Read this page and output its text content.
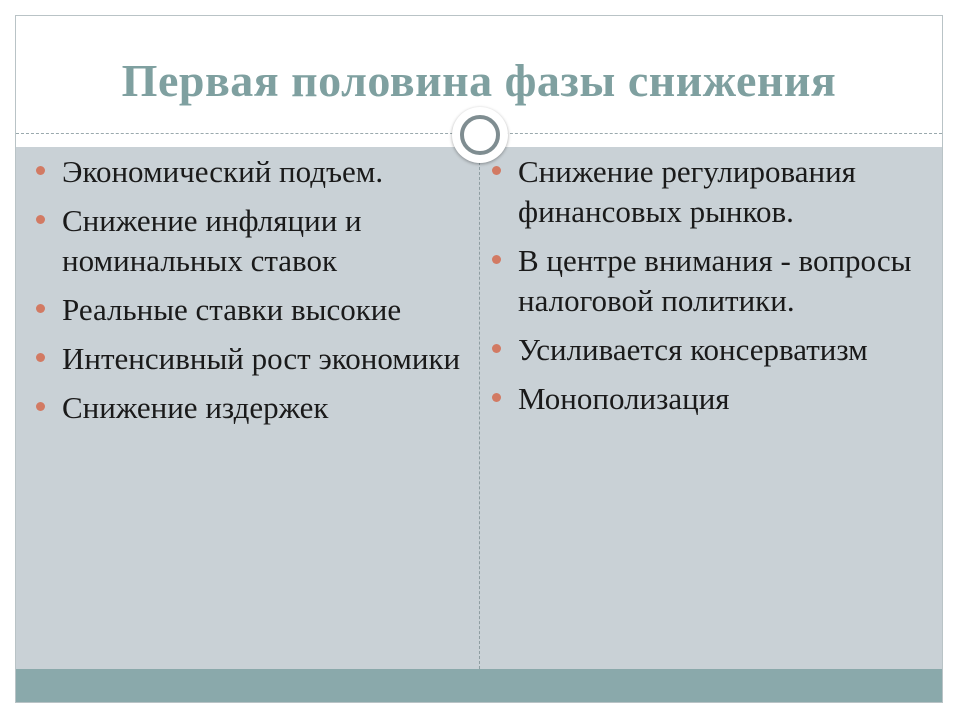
Первая половина фазы снижения
Экономический подъем.
Снижение инфляции и номинальных ставок
Реальные ставки высокие
Интенсивный рост экономики
Снижение издержек
Снижение регулирования финансовых рынков.
В центре внимания - вопросы налоговой политики.
Усиливается консерватизм
Монополизация
